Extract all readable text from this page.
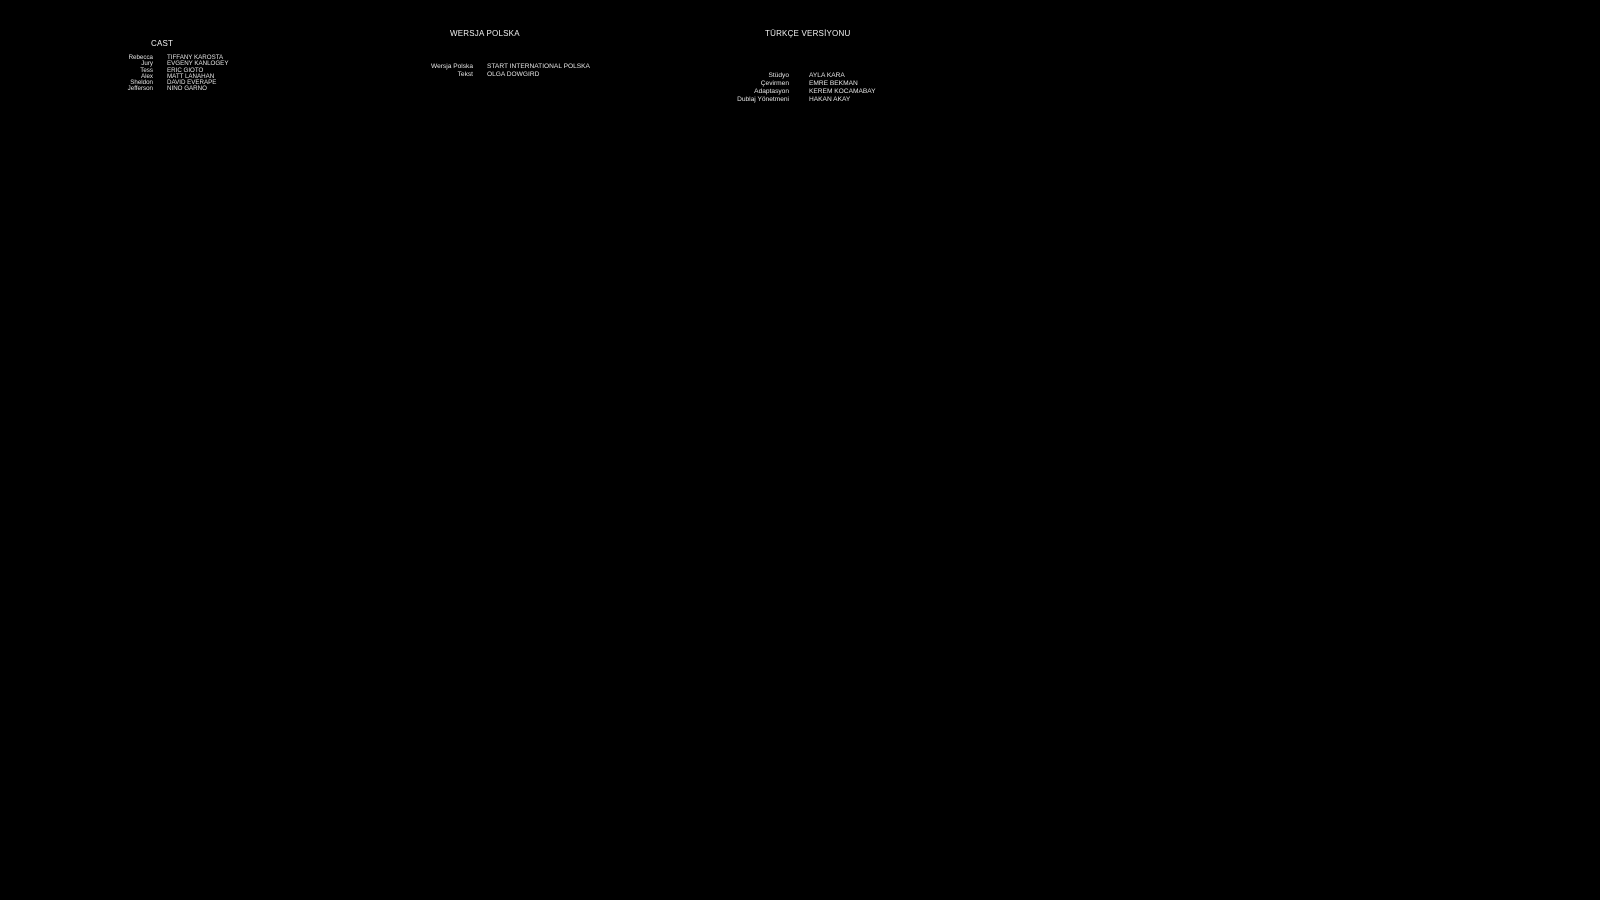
CAST
Rebecca
Jury
Tess
Alex
Sheldon
Jefferson
TIFFANY KAROSTA
EVGENY KANLOGEY
ERIC GIOTO
MATT LANAHAN
DAVID EVERAPE
NINO GARNO
WERSJA POLSKA
Wersja Polska
Tekst
START INTERNATIONAL POLSKA
OLGA DOWGIRD
TÜRKÇE VERSİYONU
Stüdyo
Çevirmen
Adaptasyon
Dublaj Yönetmeni
AYLA KARA
EMRE BEKMAN
KEREM KOCAMABAY
HAKAN AKAY
